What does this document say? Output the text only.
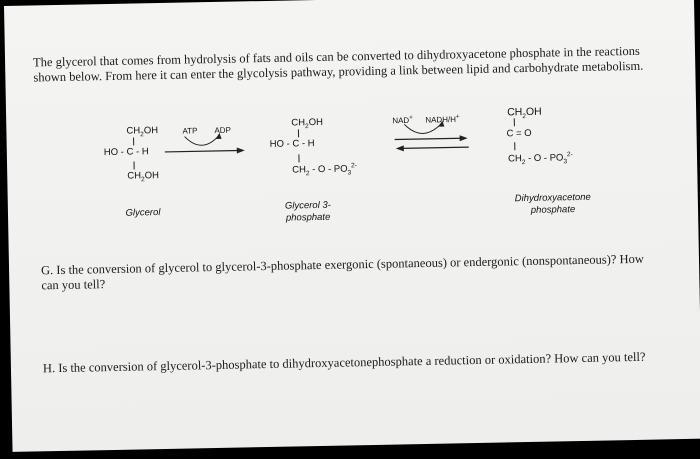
The glycerol that comes from hydrolysis of fats and oils can be converted to dihydroxyacetone phosphate in the reactions shown below. From here it can enter the glycolysis pathway, providing a link between lipid and carbohydrate metabolism.
$CH_2OH$
HO - C - H
$CH_2OH$
Glycerol
ATP ADP
$CH_2OH$
HO - C - H
$CH_2$ - O - $PO_3^{2-}$
Glycerol 3-phosphate
NAD+ NADH/H+	$CH_2OH$
C = O
$CH_2$ - O - $PO_3^{2-}$
Dihydroxyacetone phosphate
G. Is the conversion of glycerol to glycerol-3-phosphate exergonic (spontaneous) or endergonic (nonspontaneous)? How can you tell?
H. Is the conversion of glycerol-3-phosphate to dihydroxyacetonephosphate a reduction or oxidation? How can you tell?
